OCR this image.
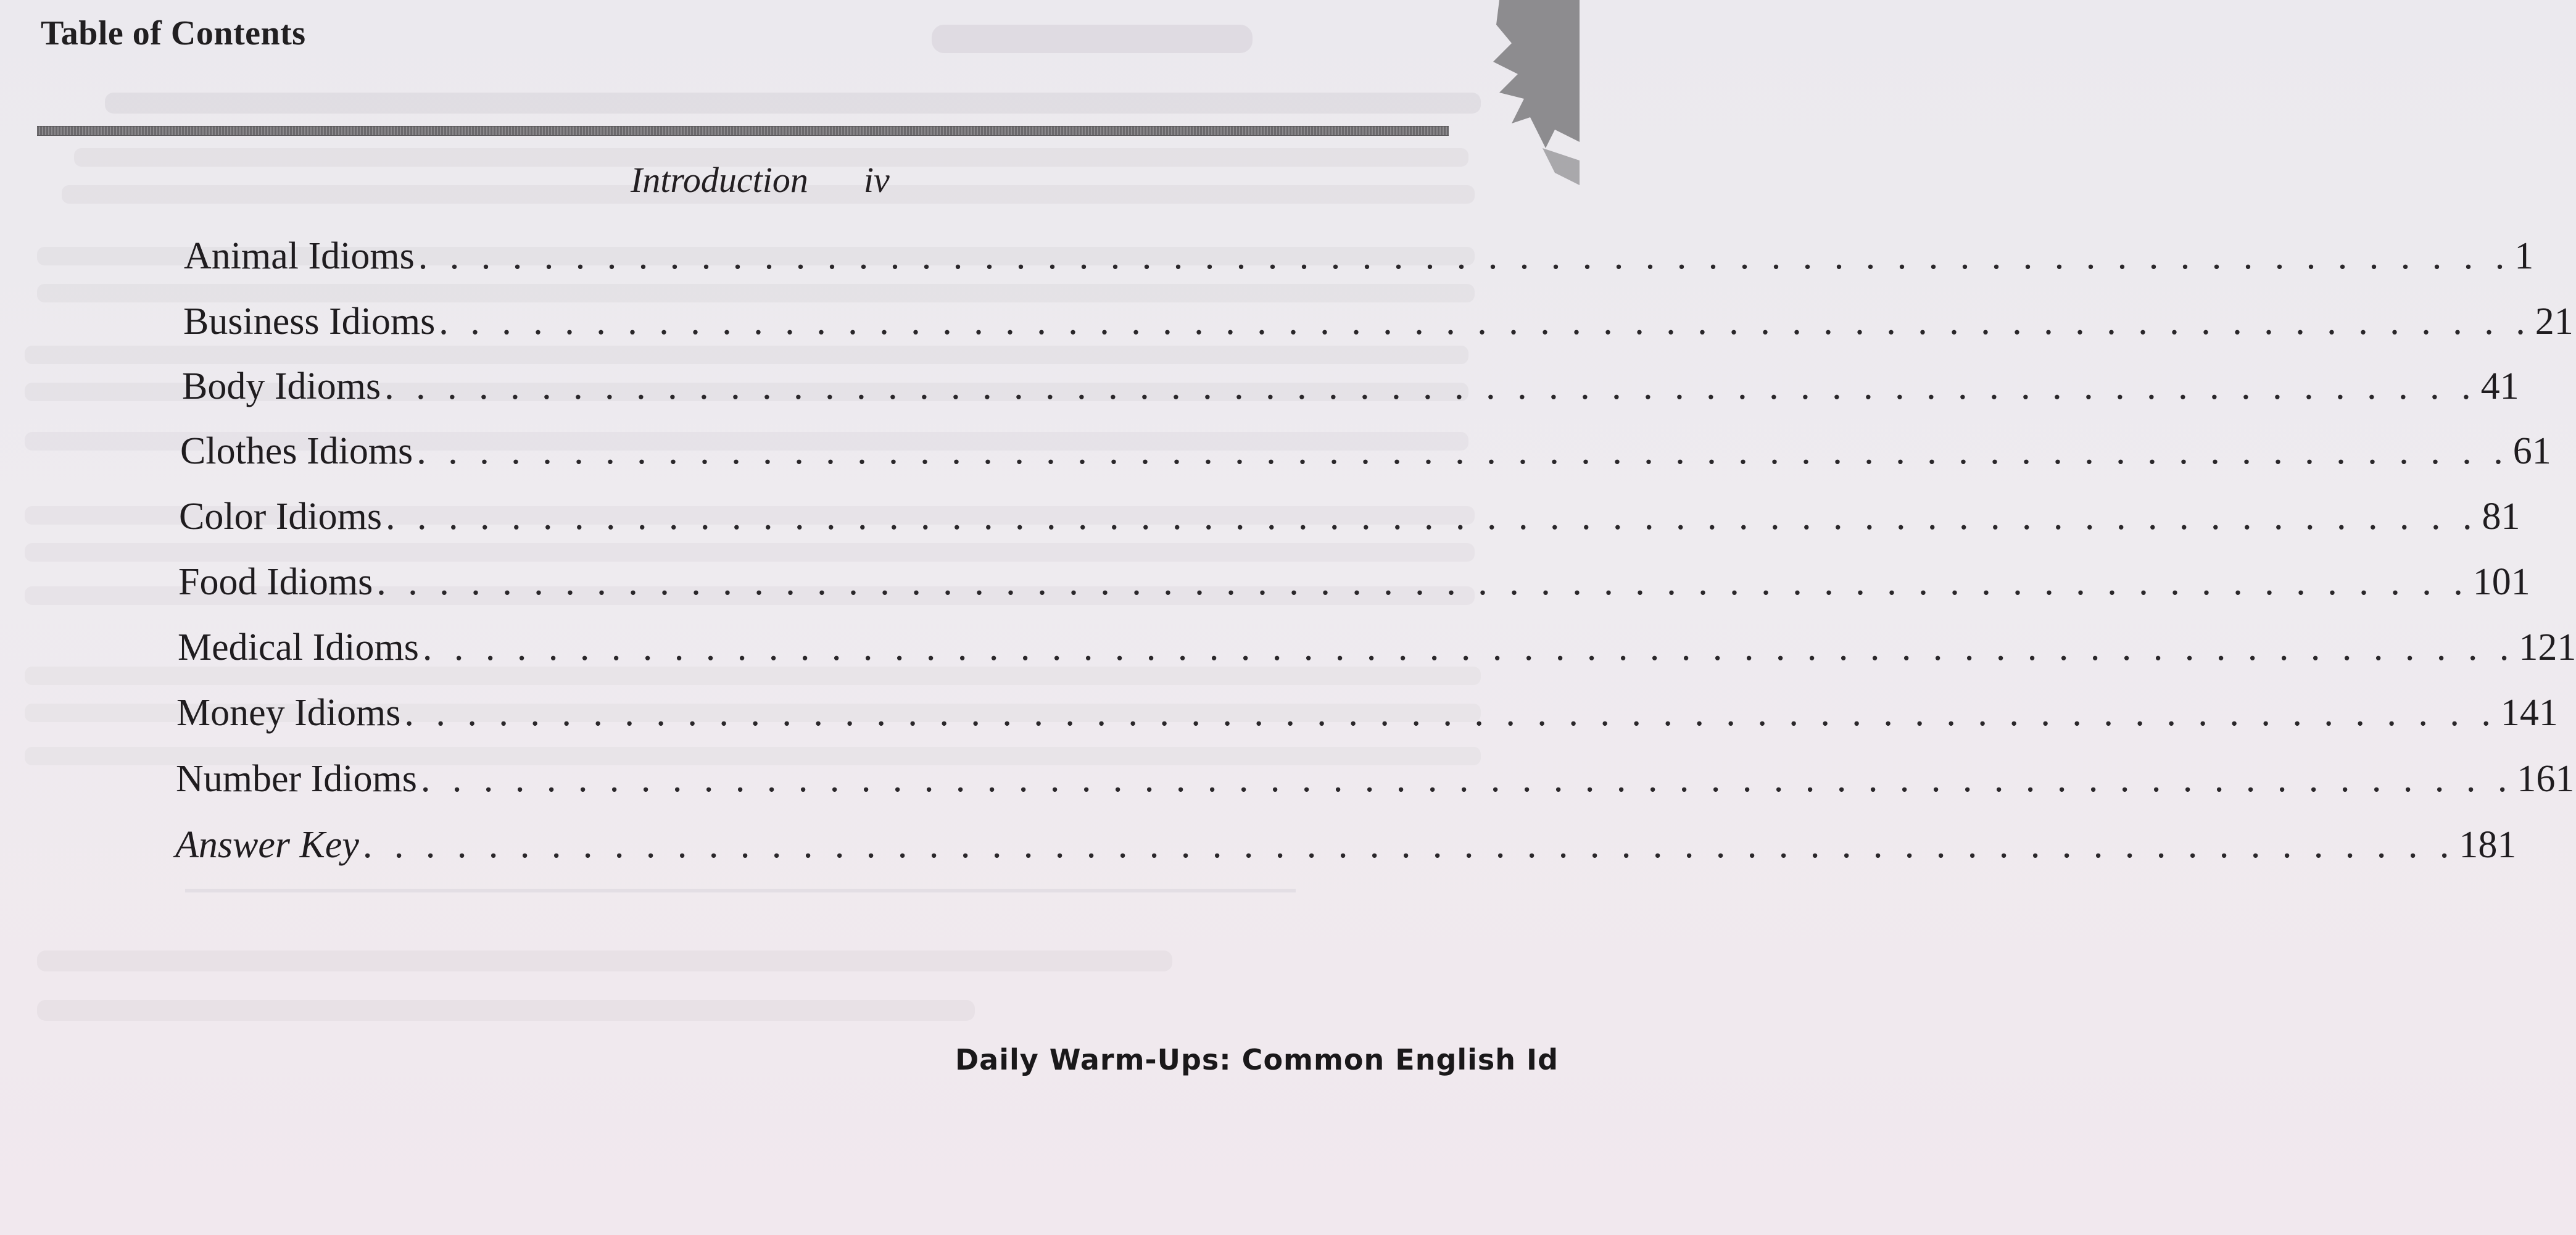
Table of Contents
Introduction iv
Animal Idioms . . . . . . . . . . . . . . . . . . . . . . . . . . . . . . . . . . . . . . . . . . . . . . . . . . . . . . . . . . . . . . . . . . . 1
Business Idioms . . . . . . . . . . . . . . . . . . . . . . . . . . . . . . . . . . . . . . . . . . . . . . . . . . . . . . . . . . . . . . . . . . . 21
Body Idioms . . . . . . . . . . . . . . . . . . . . . . . . . . . . . . . . . . . . . . . . . . . . . . . . . . . . . . . . . . . . . . . . . . . 41
Clothes Idioms . . . . . . . . . . . . . . . . . . . . . . . . . . . . . . . . . . . . . . . . . . . . . . . . . . . . . . . . . . . . . . . . . . . 61
Color Idioms . . . . . . . . . . . . . . . . . . . . . . . . . . . . . . . . . . . . . . . . . . . . . . . . . . . . . . . . . . . . . . . . . . . 81
Food Idioms . . . . . . . . . . . . . . . . . . . . . . . . . . . . . . . . . . . . . . . . . . . . . . . . . . . . . . . . . . . . . . . . . . . 101
Medical Idioms . . . . . . . . . . . . . . . . . . . . . . . . . . . . . . . . . . . . . . . . . . . . . . . . . . . . . . . . . . . . . . . . . . . 121
Money Idioms . . . . . . . . . . . . . . . . . . . . . . . . . . . . . . . . . . . . . . . . . . . . . . . . . . . . . . . . . . . . . . . . . . . 141
Number Idioms . . . . . . . . . . . . . . . . . . . . . . . . . . . . . . . . . . . . . . . . . . . . . . . . . . . . . . . . . . . . . . . . . . . 161
Answer Key . . . . . . . . . . . . . . . . . . . . . . . . . . . . . . . . . . . . . . . . . . . . . . . . . . . . . . . . . . . . . . . . . . . 181
Daily Warm-Ups: Common English Id
